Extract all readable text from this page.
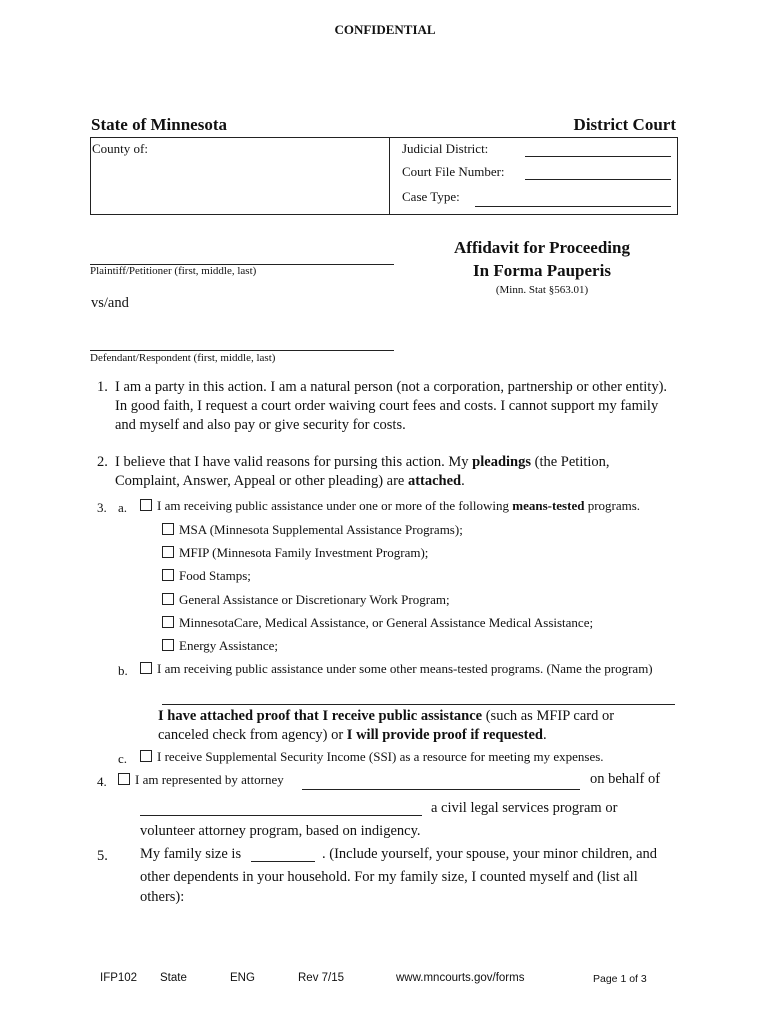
CONFIDENTIAL
State of Minnesota	District Court
County of:	Judicial District:
Court File Number:
Case Type:
Plaintiff/Petitioner (first, middle, last)
vs/and
Defendant/Respondent (first, middle, last)
Affidavit for Proceeding
In Forma Pauperis
(Minn. Stat §563.01)
1. I am a party in this action. I am a natural person (not a corporation, partnership or other entity). In good faith, I request a court order waiving court fees and costs. I cannot support my family and myself and also pay or give security for costs.
2. I believe that I have valid reasons for pursing this action. My pleadings (the Petition, Complaint, Answer, Appeal or other pleading) are attached.
3. a.	I am receiving public assistance under one or more of the following means-tested programs.
MSA (Minnesota Supplemental Assistance Programs);
MFIP (Minnesota Family Investment Program);
Food Stamps;
General Assistance or Discretionary Work Program;
MinnesotaCare, Medical Assistance, or General Assistance Medical Assistance;
Energy Assistance;
b.	I am receiving public assistance under some other means-tested programs. (Name the program)
I have attached proof that I receive public assistance (such as MFIP card or canceled check from agency) or I will provide proof if requested.
c.	I receive Supplemental Security Income (SSI) as a resource for meeting my expenses.
4.	I am represented by attorney	on behalf of
a civil legal services program or
volunteer attorney program, based on indigency.
5. My family size is	. (Include yourself, your spouse, your minor children, and
other dependents in your household. For my family size, I counted myself and (list all
others):
IFP102 State	ENG	Rev 7/15	www.mncourts.gov/forms	Page 1 of 3
